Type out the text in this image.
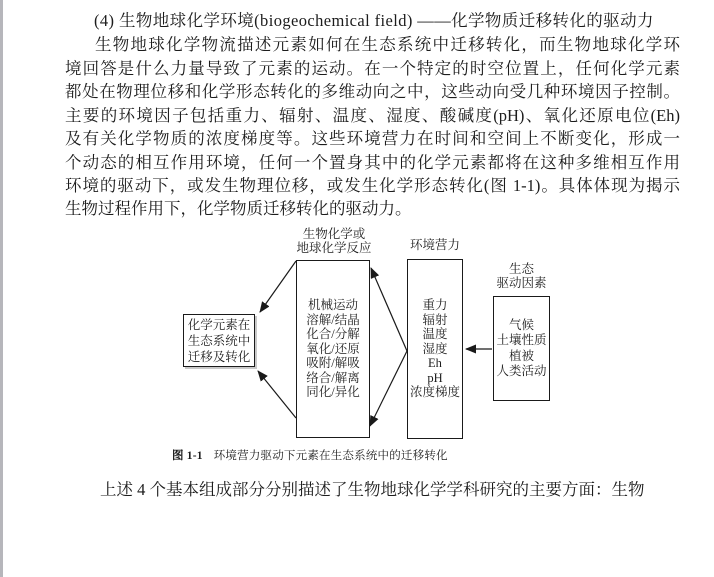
(4) 生物地球化学环境(biogeochemical field) ——化学物质迁移转化的驱动力
生物地球化学物流描述元素如何在生态系统中迁移转化，而生物地球化学环
境回答是什么力量导致了元素的运动。在一个特定的时空位置上，任何化学元素
都处在物理位移和化学形态转化的多维动向之中，这些动向受几种环境因子控制。
主要的环境因子包括重力、辐射、温度、湿度、酸碱度(pH)、氧化还原电位(Eh)
及有关化学物质的浓度梯度等。这些环境营力在时间和空间上不断变化，形成一
个动态的相互作用环境，任何一个置身其中的化学元素都将在这种多维相互作用
环境的驱动下，或发生物理位移，或发生化学形态转化(图 1-1)。具体体现为揭示
生物过程作用下，化学物质迁移转化的驱动力。
生物化学或
地球化学反应	环境营力
生态
驱动因素
化学元素在
生态系统中
迁移及转化
机械运动
溶解/结晶
化合/分解
氧化/还原
吸附/解吸
络合/解离
同化/异化
重力
辐射
温度
湿度
Eh
pH
浓度梯度
气候
土壤性质
植被
人类活动
图 1-1 环境营力驱动下元素在生态系统中的迁移转化
上述 4 个基本组成部分分别描述了生物地球化学学科研究的主要方面：生物
